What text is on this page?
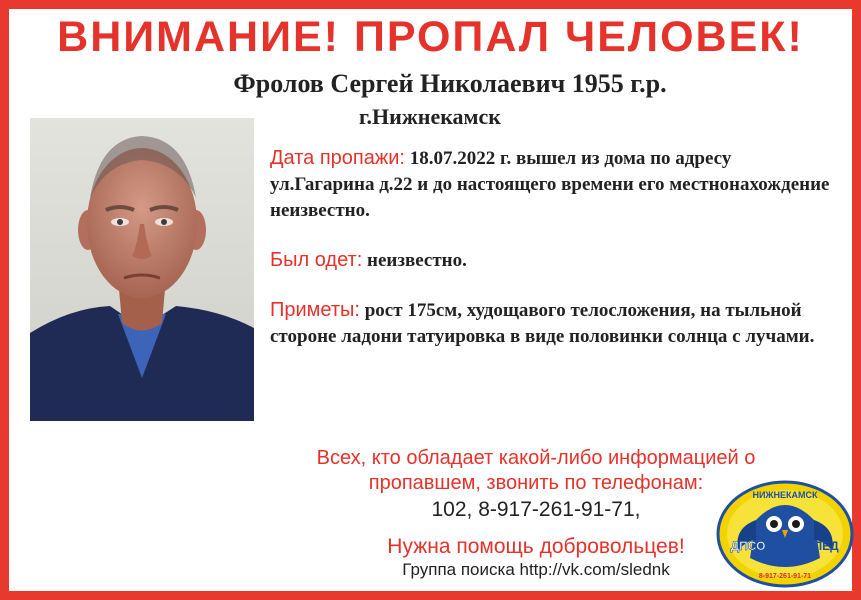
ВНИМАНИЕ! ПРОПАЛ ЧЕЛОВЕК!
Фролов Сергей Николаевич 1955 г.р.
г.Нижнекамск

Дата пропажи: 18.07.2022 г. вышел из дома по адресу ул.Гагарина д.22 и до настоящего времени его местнонахождение неизвестно.

Был одет: неизвестно.

Приметы: рост 175см, худощавого телосложения, на тыльной стороне ладони татуировка в виде половинки солнца с лучами.

Всех, кто обладает какой-либо информацией о пропавшем, звонить по телефонам:
102, 8-917-261-91-71,
Нужна помощь добровольцев!
Группа поиска http://vk.com/sledn​k
НИЖНЕКАМСК
ДПСО	СЛЕД
8-917-261-91-71
